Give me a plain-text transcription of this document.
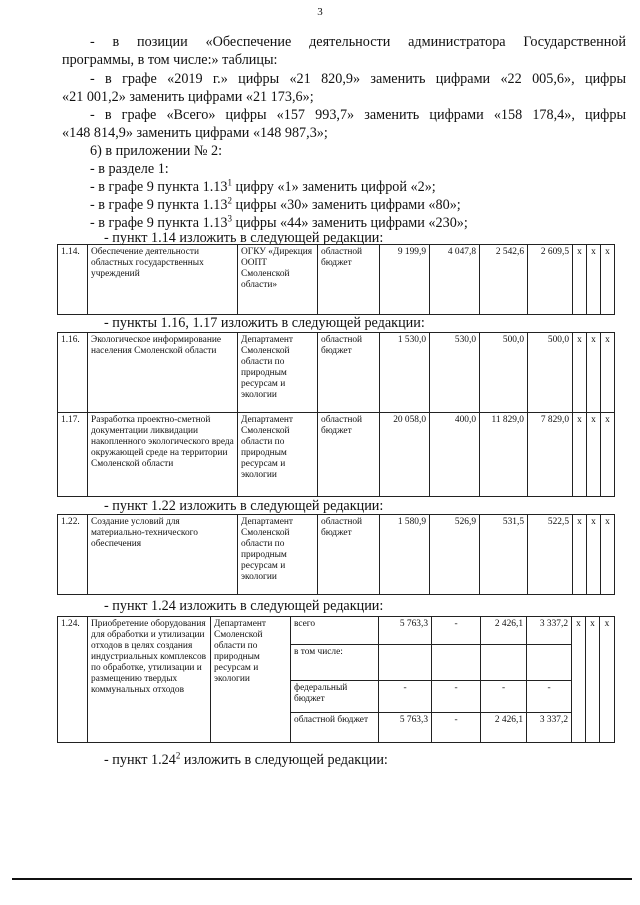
3
- в позиции «Обеспечение деятельности администратора Государственной
программы, в том числе:» таблицы:
- в графе «2019 г.» цифры «21 820,9» заменить цифрами «22 005,6», цифры
«21 001,2» заменить цифрами «21 173,6»;
- в графе «Всего» цифры «157 993,7» заменить цифрами «158 178,4», цифры
«148 814,9» заменить цифрами «148 987,3»;
6) в приложении № 2:
- в разделе 1:
- в графе 9 пункта 1.13$^1$ цифру «1» заменить цифрой «2»;
- в графе 9 пункта 1.13$^2$ цифры «30» заменить цифрами «80»;
- в графе 9 пункта 1.13$^3$ цифры «44» заменить цифрами «230»;
- пункт 1.14 изложить в следующей редакции:
1.14.	Обеспечение деятельности областных государственных учреждений	ОГКУ «Дирекция ООПТ Смоленской области»	областной бюджет	9 199,9	4 047,8	2 542,6	2 609,5	x	x	x
- пункты 1.16, 1.17 изложить в следующей редакции:
1.16.	Экологическое информирование населения Смоленской области	Департамент Смоленской области по природным ресурсам и экологии	областной бюджет	1 530,0	530,0	500,0	500,0	x	x	x
1.17.	Разработка проектно-сметной документации ликвидации накопленного экологического вреда окружающей среде на территории Смоленской области	Департамент Смоленской области по природным ресурсам и экологии	областной бюджет	20 058,0	400,0	11 829,0	7 829,0	x	x	x
- пункт 1.22 изложить в следующей редакции:
1.22.	Создание условий для материально-технического обеспечения	Департамент Смоленской области по природным ресурсам и экологии	областной бюджет	1 580,9	526,9	531,5	522,5	x	x	x
- пункт 1.24 изложить в следующей редакции:
1.24.	Приобретение оборудования для обработки и утилизации отходов в целях создания индустриальных комплексов по обработке, утилизации и размещению твердых коммунальных отходов	Департамент Смоленской области по природным ресурсам и экологии	всего	5 763,3	-	2 426,1	3 337,2	x	x	x
			в том числе:							
			федеральный бюджет	-	-	-	-			
			областной бюджет	5 763,3	-	2 426,1	3 337,2			
- пункт 1.24$^2$ изложить в следующей редакции:
